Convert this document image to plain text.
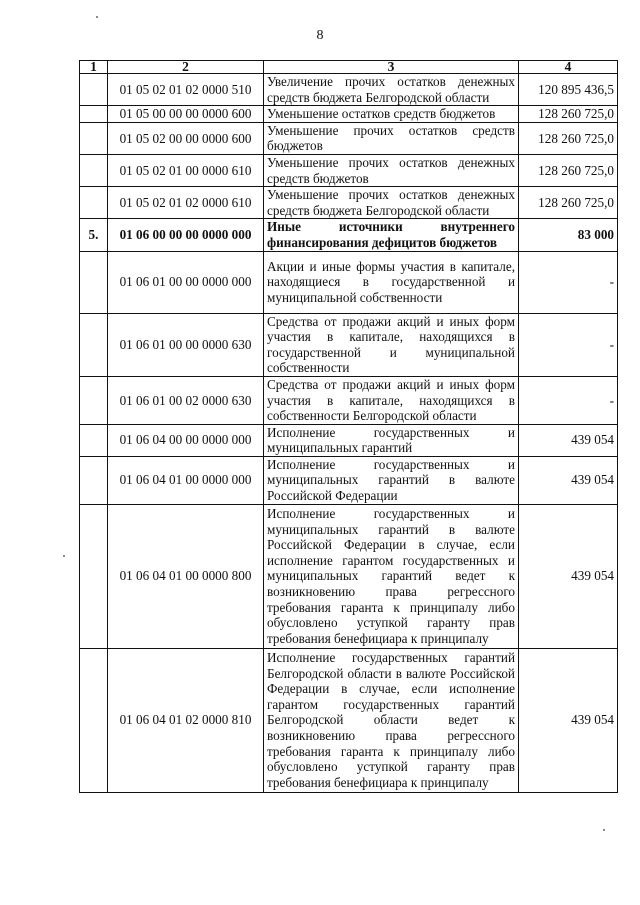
8
1	2	3	4
	01 05 02 01 02 0000 510	Увеличение прочих остатков денежных средств бюджета Белгородской области	120 895 436,5
	01 05 00 00 00 0000 600	Уменьшение остатков средств бюджетов	128 260 725,0
	01 05 02 00 00 0000 600	Уменьшение прочих остатков средств бюджетов	128 260 725,0
	01 05 02 01 00 0000 610	Уменьшение прочих остатков денежных средств бюджетов	128 260 725,0
	01 05 02 01 02 0000 610	Уменьшение прочих остатков денежных средств бюджета Белгородской области	128 260 725,0
5.	01 06 00 00 00 0000 000	Иные источники внутреннего финансирования дефицитов бюджетов	83 000
	01 06 01 00 00 0000 000	Акции и иные формы участия в капитале, находящиеся в государственной и муниципальной собственности	-
	01 06 01 00 00 0000 630	Средства от продажи акций и иных форм участия в капитале, находящихся в государственной и муниципальной собственности	-
	01 06 01 00 02 0000 630	Средства от продажи акций и иных форм участия в капитале, находящихся в собственности Белгородской области	-
	01 06 04 00 00 0000 000	Исполнение государственных и муниципальных гарантий	439 054
	01 06 04 01 00 0000 000	Исполнение государственных и муниципальных гарантий в валюте Российской Федерации	439 054
	01 06 04 01 00 0000 800	Исполнение государственных и муниципальных гарантий в валюте Российской Федерации в случае, если исполнение гарантом государственных и муниципальных гарантий ведет к возникновению права регрессного требования гаранта к принципалу либо обусловлено уступкой гаранту прав требования бенефициара к принципалу	439 054
	01 06 04 01 02 0000 810	Исполнение государственных гарантий Белгородской области в валюте Российской Федерации в случае, если исполнение гарантом государственных гарантий Белгородской области ведет к возникновению права регрессного требования гаранта к принципалу либо обусловлено уступкой гаранту прав требования бенефициара к принципалу	439 054
